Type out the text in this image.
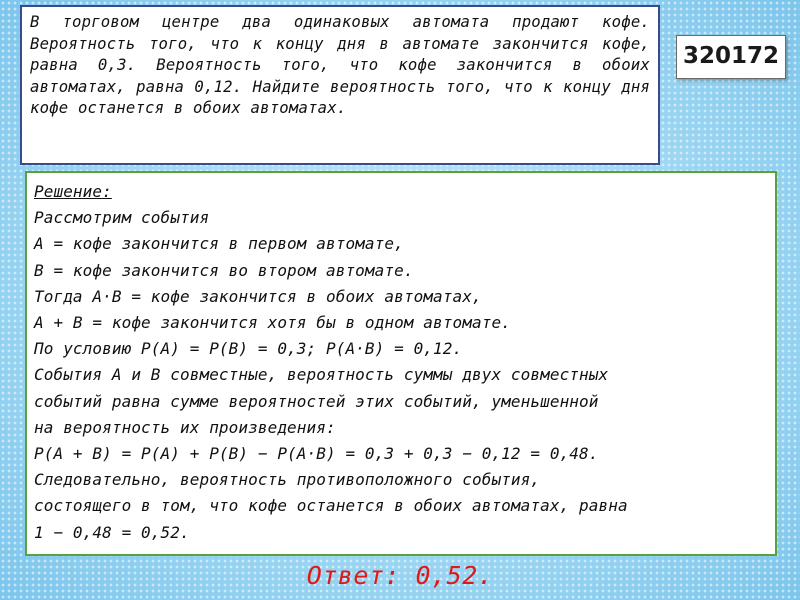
В торговом центре два одинаковых автомата продают кофе. Вероятность того, что к концу дня в автомате закончится кофе, равна 0,3. Вероятность того, что кофе закончится в обоих автоматах, равна 0,12. Найдите вероятность того, что к концу дня кофе останется в обоих автоматах.
320172
Решение:
Рассмотрим события
А = кофе закончится в первом автомате,
В = кофе закончится во втором автомате.
Тогда A·B = кофе закончится в обоих автоматах,
A + B = кофе закончится хотя бы в одном автомате.
По условию P(A) = P(B) = 0,3; P(A·B) = 0,12.
События A и B совместные, вероятность суммы двух совместных
событий равна сумме вероятностей этих событий, уменьшенной
на вероятность их произведения:
P(A + B) = P(A) + P(B) − P(A·B) = 0,3 + 0,3 − 0,12 = 0,48.
Следовательно, вероятность противоположного события,
состоящего в том, что кофе останется в обоих автоматах, равна
1 − 0,48 = 0,52.
Ответ: 0,52.
